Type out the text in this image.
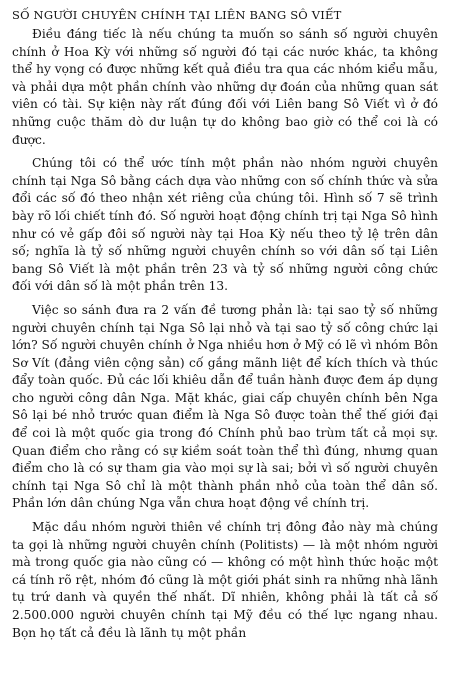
SỐ NGƯỜI CHUYÊN CHÍNH TẠI LIÊN BANG SÔ VIẾT

Điều đáng tiếc là nếu chúng ta muốn so sánh số người chuyên chính ở Hoa Kỳ với những số người đó tại các nước khác, ta không thể hy vọng có được những kết quả điều tra qua các nhóm kiểu mẫu, và phải dựa một phần chính vào những dự đoán của những quan sát viên có tài. Sự kiện này rất đúng đối với Liên bang Sô Viết vì ở đó những cuộc thăm dò dư luận tự do không bao giờ có thể coi là có được.

Chúng tôi có thể ước tính một phần nào nhóm người chuyên chính tại Nga Sô bằng cách dựa vào những con số chính thức và sửa đổi các số đó theo nhận xét riêng của chúng tôi. Hình số 7 sẽ trình bày rõ lối chiết tính đó. Số người hoạt động chính trị tại Nga Sô hình như có vẻ gấp đôi số người này tại Hoa Kỳ nếu theo tỷ lệ trên dân số; nghĩa là tỷ số những người chuyên chính so với dân số tại Liên bang Sô Viết là một phần trên 23 và tỷ số những người công chức đối với dân số là một phần trên 13.

Việc so sánh đưa ra 2 vấn đề tương phản là: tại sao tỷ số những người chuyên chính tại Nga Sô lại nhỏ và tại sao tỷ số công chức lại lớn? Số người chuyên chính ở Nga nhiều hơn ở Mỹ có lẽ vì nhóm Bôn Sơ Vít (đảng viên cộng sản) cố gắng mãnh liệt để kích thích và thúc đẩy toàn quốc. Đủ các lối khiêu dẫn để tuần hành được đem áp dụng cho người công dân Nga. Mặt khác, giai cấp chuyên chính bên Nga Sô lại bé nhỏ trước quan điểm là Nga Sô được toàn thể thế giới đại để coi là một quốc gia trong đó Chính phủ bao trùm tất cả mọi sự. Quan điểm cho rằng có sự kiềm soát toàn thể thì đúng, nhưng quan điểm cho là có sự tham gia vào mọi sự là sai; bởi vì số người chuyên chính tại Nga Sô chỉ là một thành phần nhỏ của toàn thể dân số. Phần lớn dân chúng Nga vẫn chưa hoạt động về chính trị.

Mặc dầu nhóm người thiên về chính trị đông đảo này mà chúng ta gọi là những người chuyên chính (Politists) — là một nhóm người mà trong quốc gia nào cũng có — không có một hình thức hoặc một cá tính rõ rệt, nhóm đó cũng là một giới phát sinh ra những nhà lãnh tụ trứ danh và quyền thế nhất. Dĩ nhiên, không phải là tất cả số 2.500.000 người chuyên chính tại Mỹ đều có thế lực ngang nhau. Bọn họ tất cả đều là lãnh tụ một phần
